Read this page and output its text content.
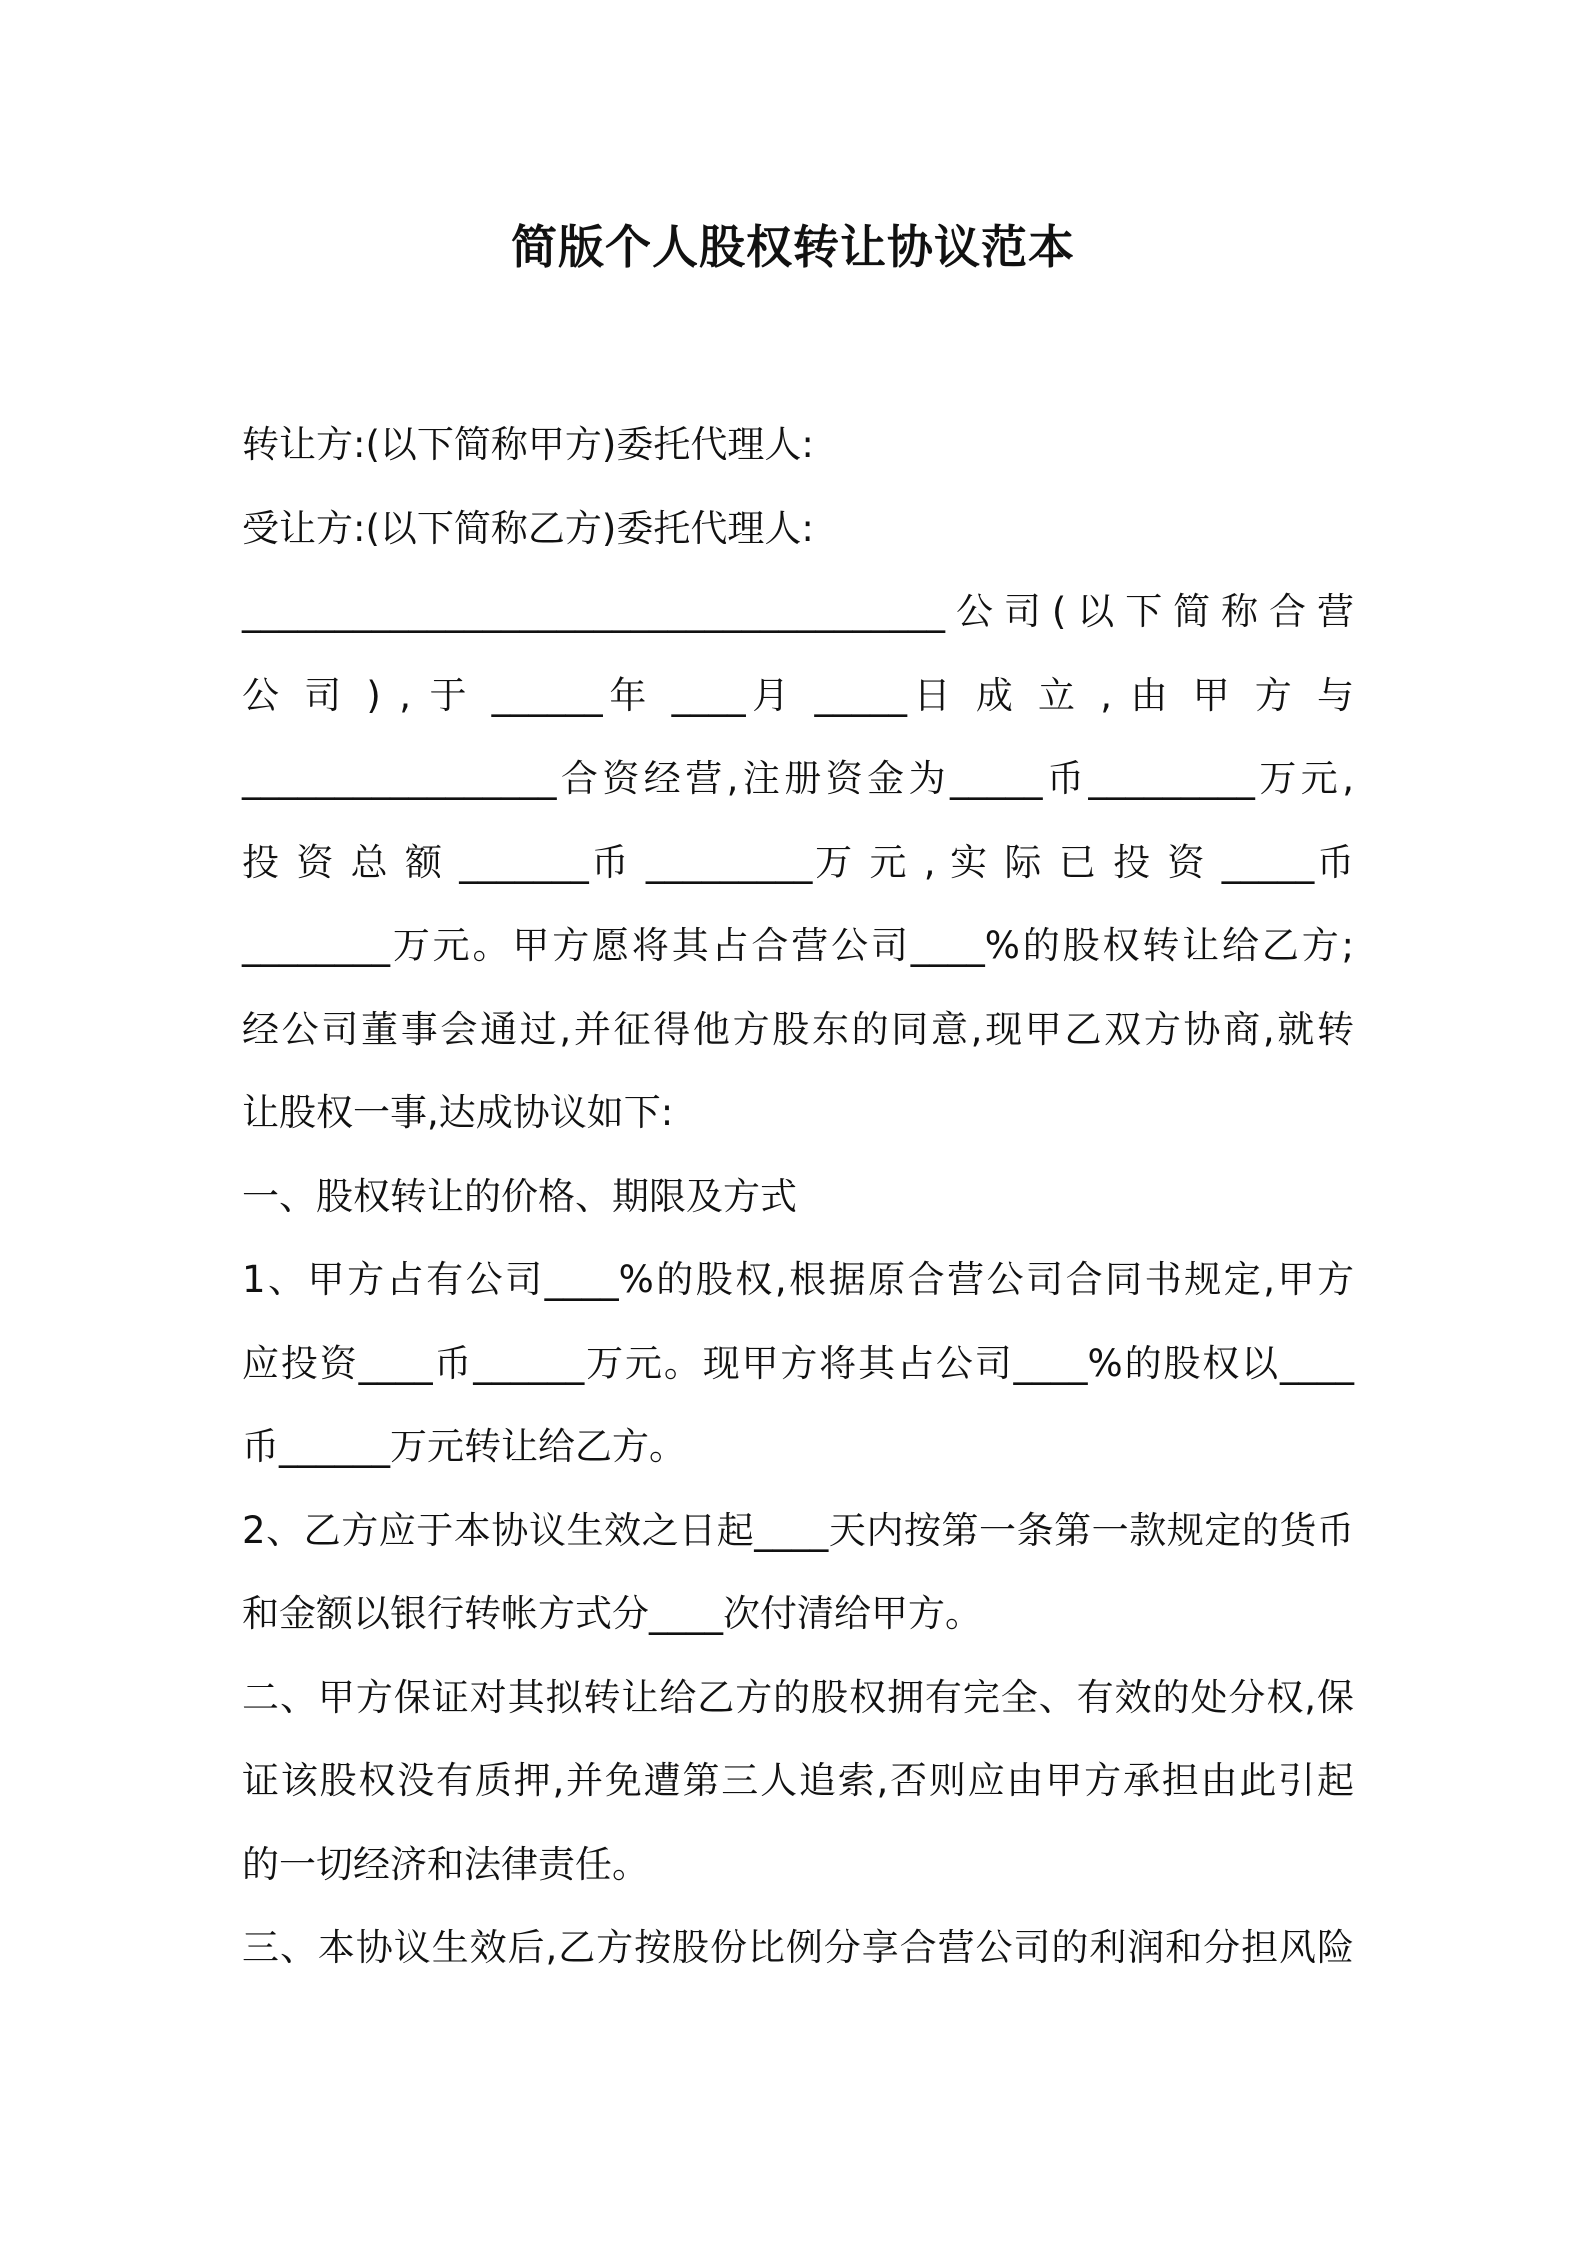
简版个人股权转让协议范本

转让方:(以下简称甲方)委托代理人:

受让方:(以下简称乙方)委托代理人:

______________________________________公司(以下简称合营

公 司 ) , 于 ______年 ____月 _____日 成 立 , 由 甲 方 与

_________________合资经营,注册资金为_____币_________万元,

投 资 总 额 _______币 _________万 元 , 实 际 已 投 资 _____币

________万元。甲方愿将其占合营公司____%的股权转让给乙方;

经公司董事会通过,并征得他方股东的同意,现甲乙双方协商,就转

让股权一事,达成协议如下:

一、股权转让的价格、期限及方式

1、甲方占有公司____%的股权,根据原合营公司合同书规定,甲方

应投资____币______万元。现甲方将其占公司____%的股权以____

币______万元转让给乙方。

2、乙方应于本协议生效之日起____天内按第一条第一款规定的货币

和金额以银行转帐方式分____次付清给甲方。

二、甲方保证对其拟转让给乙方的股权拥有完全、有效的处分权,保

证该股权没有质押,并免遭第三人追索,否则应由甲方承担由此引起

的一切经济和法律责任。

三、本协议生效后,乙方按股份比例分享合营公司的利润和分担风险
